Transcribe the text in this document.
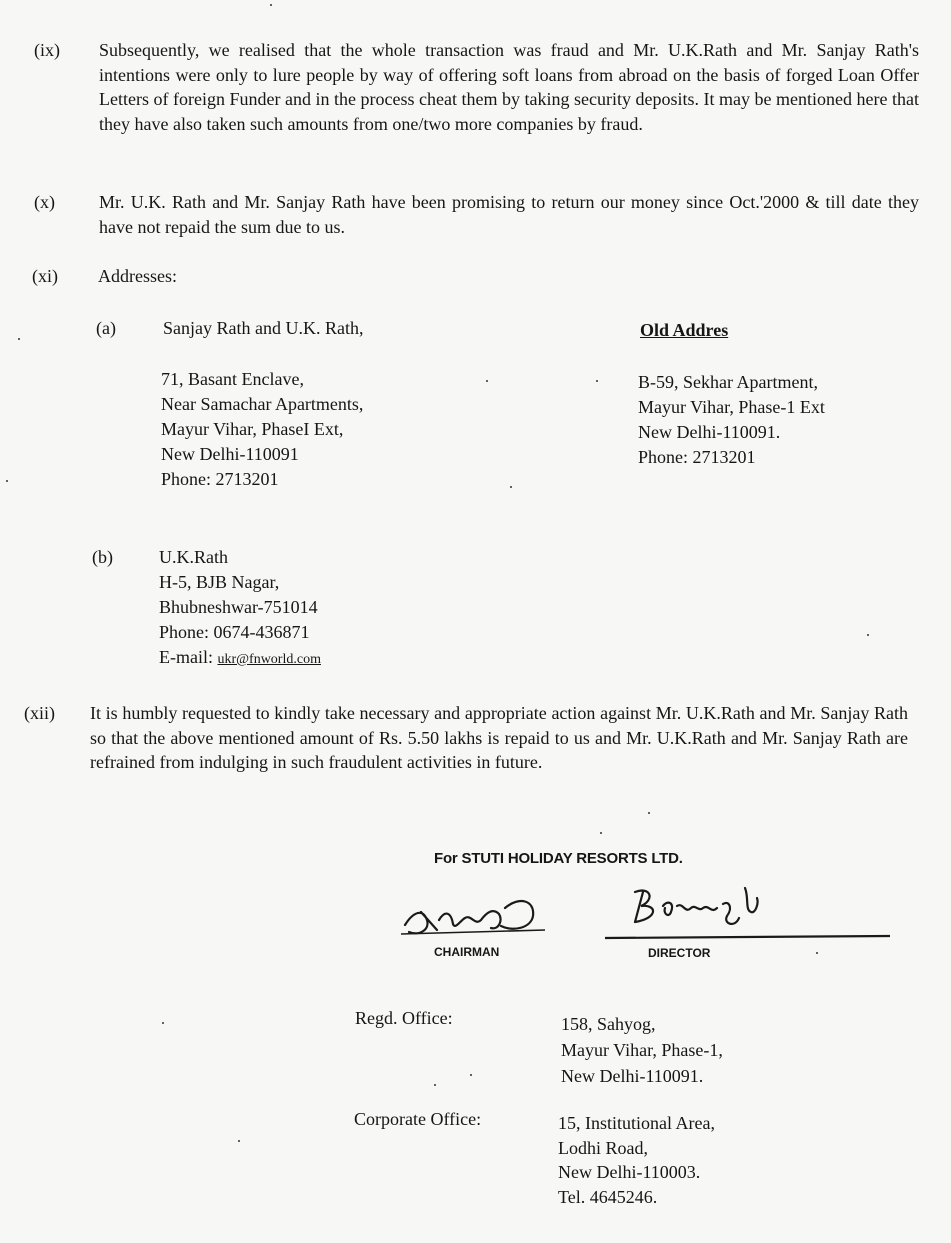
(ix) Subsequently, we realised that the whole transaction was fraud and Mr. U.K.Rath and Mr. Sanjay Rath's intentions were only to lure people by way of offering soft loans from abroad on the basis of forged Loan Offer Letters of foreign Funder and in the process cheat them by taking security deposits. It may be mentioned here that they have also taken such amounts from one/two more companies by fraud.
(x) Mr. U.K. Rath and Mr. Sanjay Rath have been promising to return our money since Oct.'2000 & till date they have not repaid the sum due to us.
(xi) Addresses:
(a)	Sanjay Rath and U.K. Rath,
71, Basant Enclave,
Near Samachar Apartments,
Mayur Vihar, PhaseI Ext,
New Delhi-110091
Phone: 2713201
Old Addres
B-59, Sekhar Apartment,
Mayur Vihar, Phase-1 Ext
New Delhi-110091.
Phone: 2713201
(b)	U.K.Rath
H-5, BJB Nagar,
Bhubneshwar-751014
Phone: 0674-436871
E-mail: ukr@fnworld.com
(xii) It is humbly requested to kindly take necessary and appropriate action against Mr. U.K.Rath and Mr. Sanjay Rath so that the above mentioned amount of Rs. 5.50 lakhs is repaid to us and Mr. U.K.Rath and Mr. Sanjay Rath are refrained from indulging in such fraudulent activities in future.
For STUTI HOLIDAY RESORTS LTD.
CHAIRMAN	DIRECTOR
Regd. Office:	158, Sahyog,
Mayur Vihar, Phase-1,
New Delhi-110091.
Corporate Office:	15, Institutional Area,
Lodhi Road,
New Delhi-110003.
Tel. 4645246.
